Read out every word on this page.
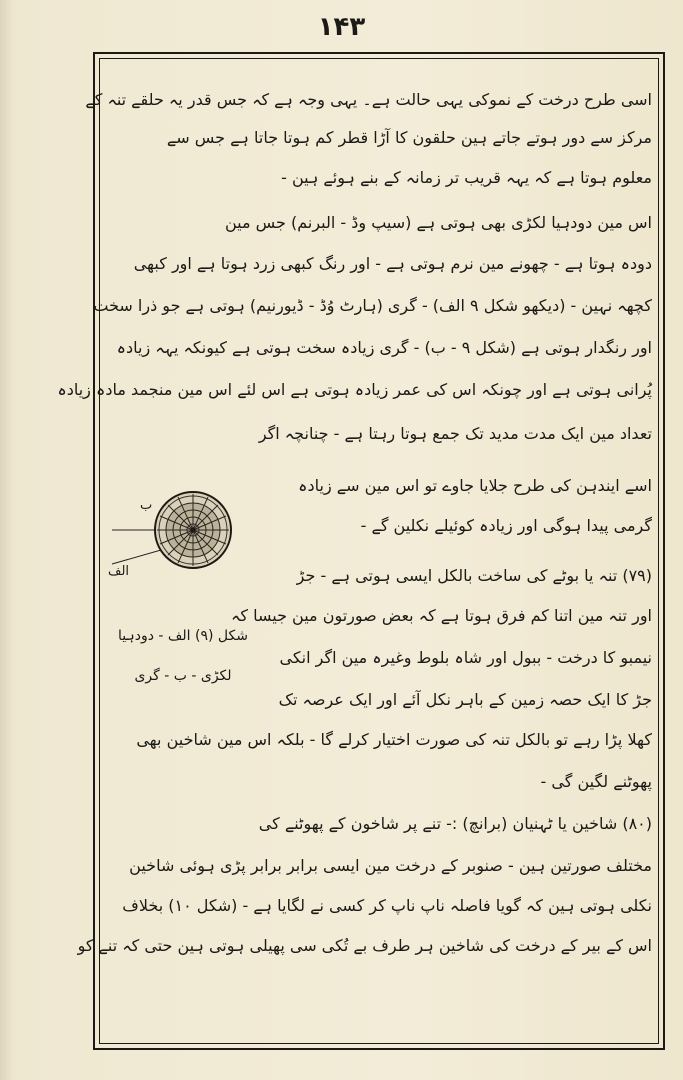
۱۴۳
اسی طرح درخت کے نموکی یہی حالت ہے۔ یہی وجہ ہے کہ جس قدر یہ حلقے تنہ کے
مرکز سے دور ہوتے جاتے ہین حلقون کا آڑا قطر کم ہوتا جاتا ہے جس سے
معلوم ہوتا ہے کہ یہہ قریب تر زمانہ کے بنے ہوئے ہین -
اس مین دودہیا لکڑی بھی ہوتی ہے (سیپ وڈ - البرنم) جس مین
دودہ ہوتا ہے - چھونے مین نرم ہوتی ہے - اور رنگ کبھی زرد ہوتا ہے اور کبھی
کچھہ نہین - (دیکھو شکل ۹ الف) - گری (ہارٹ وُڈ - ڈیورنیم) ہوتی ہے جو ذرا سخت
اور رنگدار ہوتی ہے (شکل ۹ - ب) - گری زیادہ سخت ہوتی ہے کیونکہ یہہ زیادہ
پُرانی ہوتی ہے اور چونکہ اس کی عمر زیادہ ہوتی ہے اس لئے اس مین منجمد مادہ زیادہ
تعداد مین ایک مدت مدید تک جمع ہوتا رہتا ہے - چنانچہ اگر
اسے ایندہن کی طرح جلایا جاوے تو اس مین سے زیادہ
گرمی پیدا ہوگی اور زیادہ کوئیلے نکلین گے -
(۷۹) تنہ یا بوٹے کی ساخت بالکل ایسی ہوتی ہے - جڑ
اور تنہ مین اتنا کم فرق ہوتا ہے کہ بعض صورتون مین جیسا کہ
نیمبو کا درخت - ببول اور شاہ بلوط وغیرہ مین اگر انکی
جڑ کا ایک حصہ زمین کے باہر نکل آئے اور ایک عرصہ تک
کھلا پڑا رہے تو بالکل تنہ کی صورت اختیار کرلے گا - بلکہ اس مین شاخین بھی
پھوٹنے لگین گی -
(۸۰) شاخین یا ٹہنیان (برانچ) :- تنے پر شاخون کے پھوٹنے کی
مختلف صورتین ہین - صنوبر کے درخت مین ایسی برابر برابر پڑی ہوئی شاخین
نکلی ہوتی ہین کہ گویا فاصلہ ناپ ناپ کر کسی نے لگایا ہے - (شکل ۱۰) بخلاف
اس کے بیر کے درخت کی شاخین ہر طرف بے تُکی سی پھیلی ہوتی ہین حتی کہ تنے کو
ب
الف
شکل (۹) الف - دودہیا
لکڑی - ب - گری
